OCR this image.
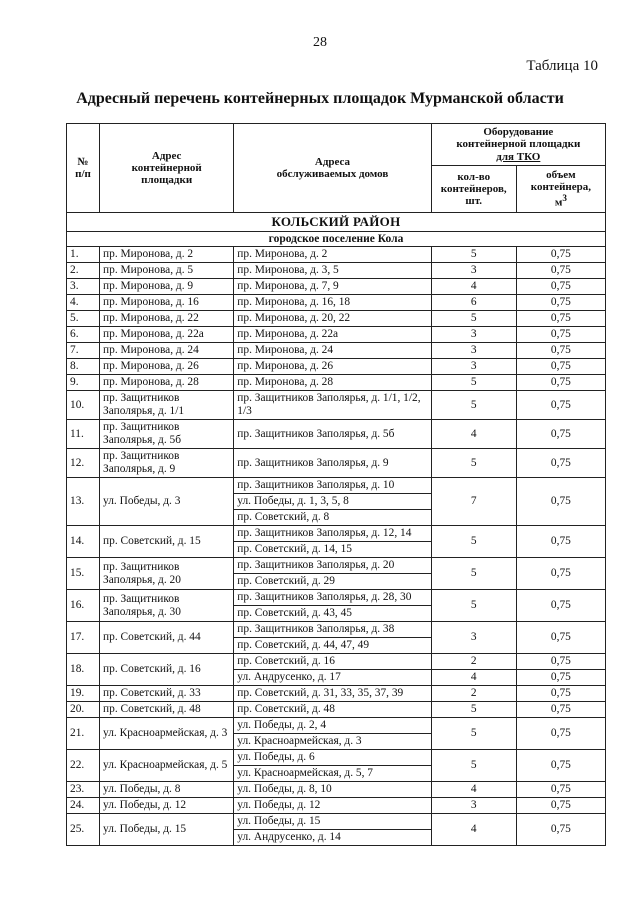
28
Таблица 10
Адресный перечень контейнерных площадок Мурманской области
№
п/п	Адрес
контейнерной
площадки	Адреса
обслуживаемых домов	Оборудование
контейнерной площадки
для ТКО	
			кол-во
контейнеров,
шт.	объем
контейнера,
$м^3$
КОЛЬСКИЙ РАЙОН				
городское поселение Кола				
1.	пр. Миронова, д. 2	пр. Миронова, д. 2	5	0,75
2.	пр. Миронова, д. 5	пр. Миронова, д. 3, 5	3	0,75
3.	пр. Миронова, д. 9	пр. Миронова, д. 7, 9	4	0,75
4.	пр. Миронова, д. 16	пр. Миронова, д. 16, 18	6	0,75
5.	пр. Миронова, д. 22	пр. Миронова, д. 20, 22	5	0,75
6.	пр. Миронова, д. 22а	пр. Миронова, д. 22а	3	0,75
7.	пр. Миронова, д. 24	пр. Миронова, д. 24	3	0,75
8.	пр. Миронова, д. 26	пр. Миронова, д. 26	3	0,75
9.	пр. Миронова, д. 28	пр. Миронова, д. 28	5	0,75
10.	пр. Защитников Заполярья, д. 1/1	пр. Защитников Заполярья, д. 1/1, 1/2, 1/3	5	0,75
11.	пр. Защитников Заполярья, д. 5б	пр. Защитников Заполярья, д. 5б	4	0,75
12.	пр. Защитников Заполярья, д. 9	пр. Защитников Заполярья, д. 9	5	0,75
13.	ул. Победы, д. 3	пр. Защитников Заполярья, д. 10	7	0,75
		ул. Победы, д. 1, 3, 5, 8		
		пр. Советский, д. 8		
14.	пр. Советский, д. 15	пр. Защитников Заполярья, д. 12, 14	5	0,75
		пр. Советский, д. 14, 15		
15.	пр. Защитников Заполярья, д. 20	пр. Защитников Заполярья, д. 20	5	0,75
		пр. Советский, д. 29		
16.	пр. Защитников Заполярья, д. 30	пр. Защитников Заполярья, д. 28, 30	5	0,75
		пр. Советский, д. 43, 45		
17.	пр. Советский, д. 44	пр. Защитников Заполярья, д. 38	3	0,75
		пр. Советский, д. 44, 47, 49		
18.	пр. Советский, д. 16	пр. Советский, д. 16	2	0,75
		ул. Андрусенко, д. 17	4	0,75
19.	пр. Советский, д. 33	пр. Советский, д. 31, 33, 35, 37, 39	2	0,75
20.	пр. Советский, д. 48	пр. Советский, д. 48	5	0,75
21.	ул. Красноармейская, д. 3	ул. Победы, д. 2, 4	5	0,75
		ул. Красноармейская, д. 3		
22.	ул. Красноармейская, д. 5	ул. Победы, д. 6	5	0,75
		ул. Красноармейская, д. 5, 7		
23.	ул. Победы, д. 8	ул. Победы, д. 8, 10	4	0,75
24.	ул. Победы, д. 12	ул. Победы, д. 12	3	0,75
25.	ул. Победы, д. 15	ул. Победы, д. 15	4	0,75
		ул. Андрусенко, д. 14		
